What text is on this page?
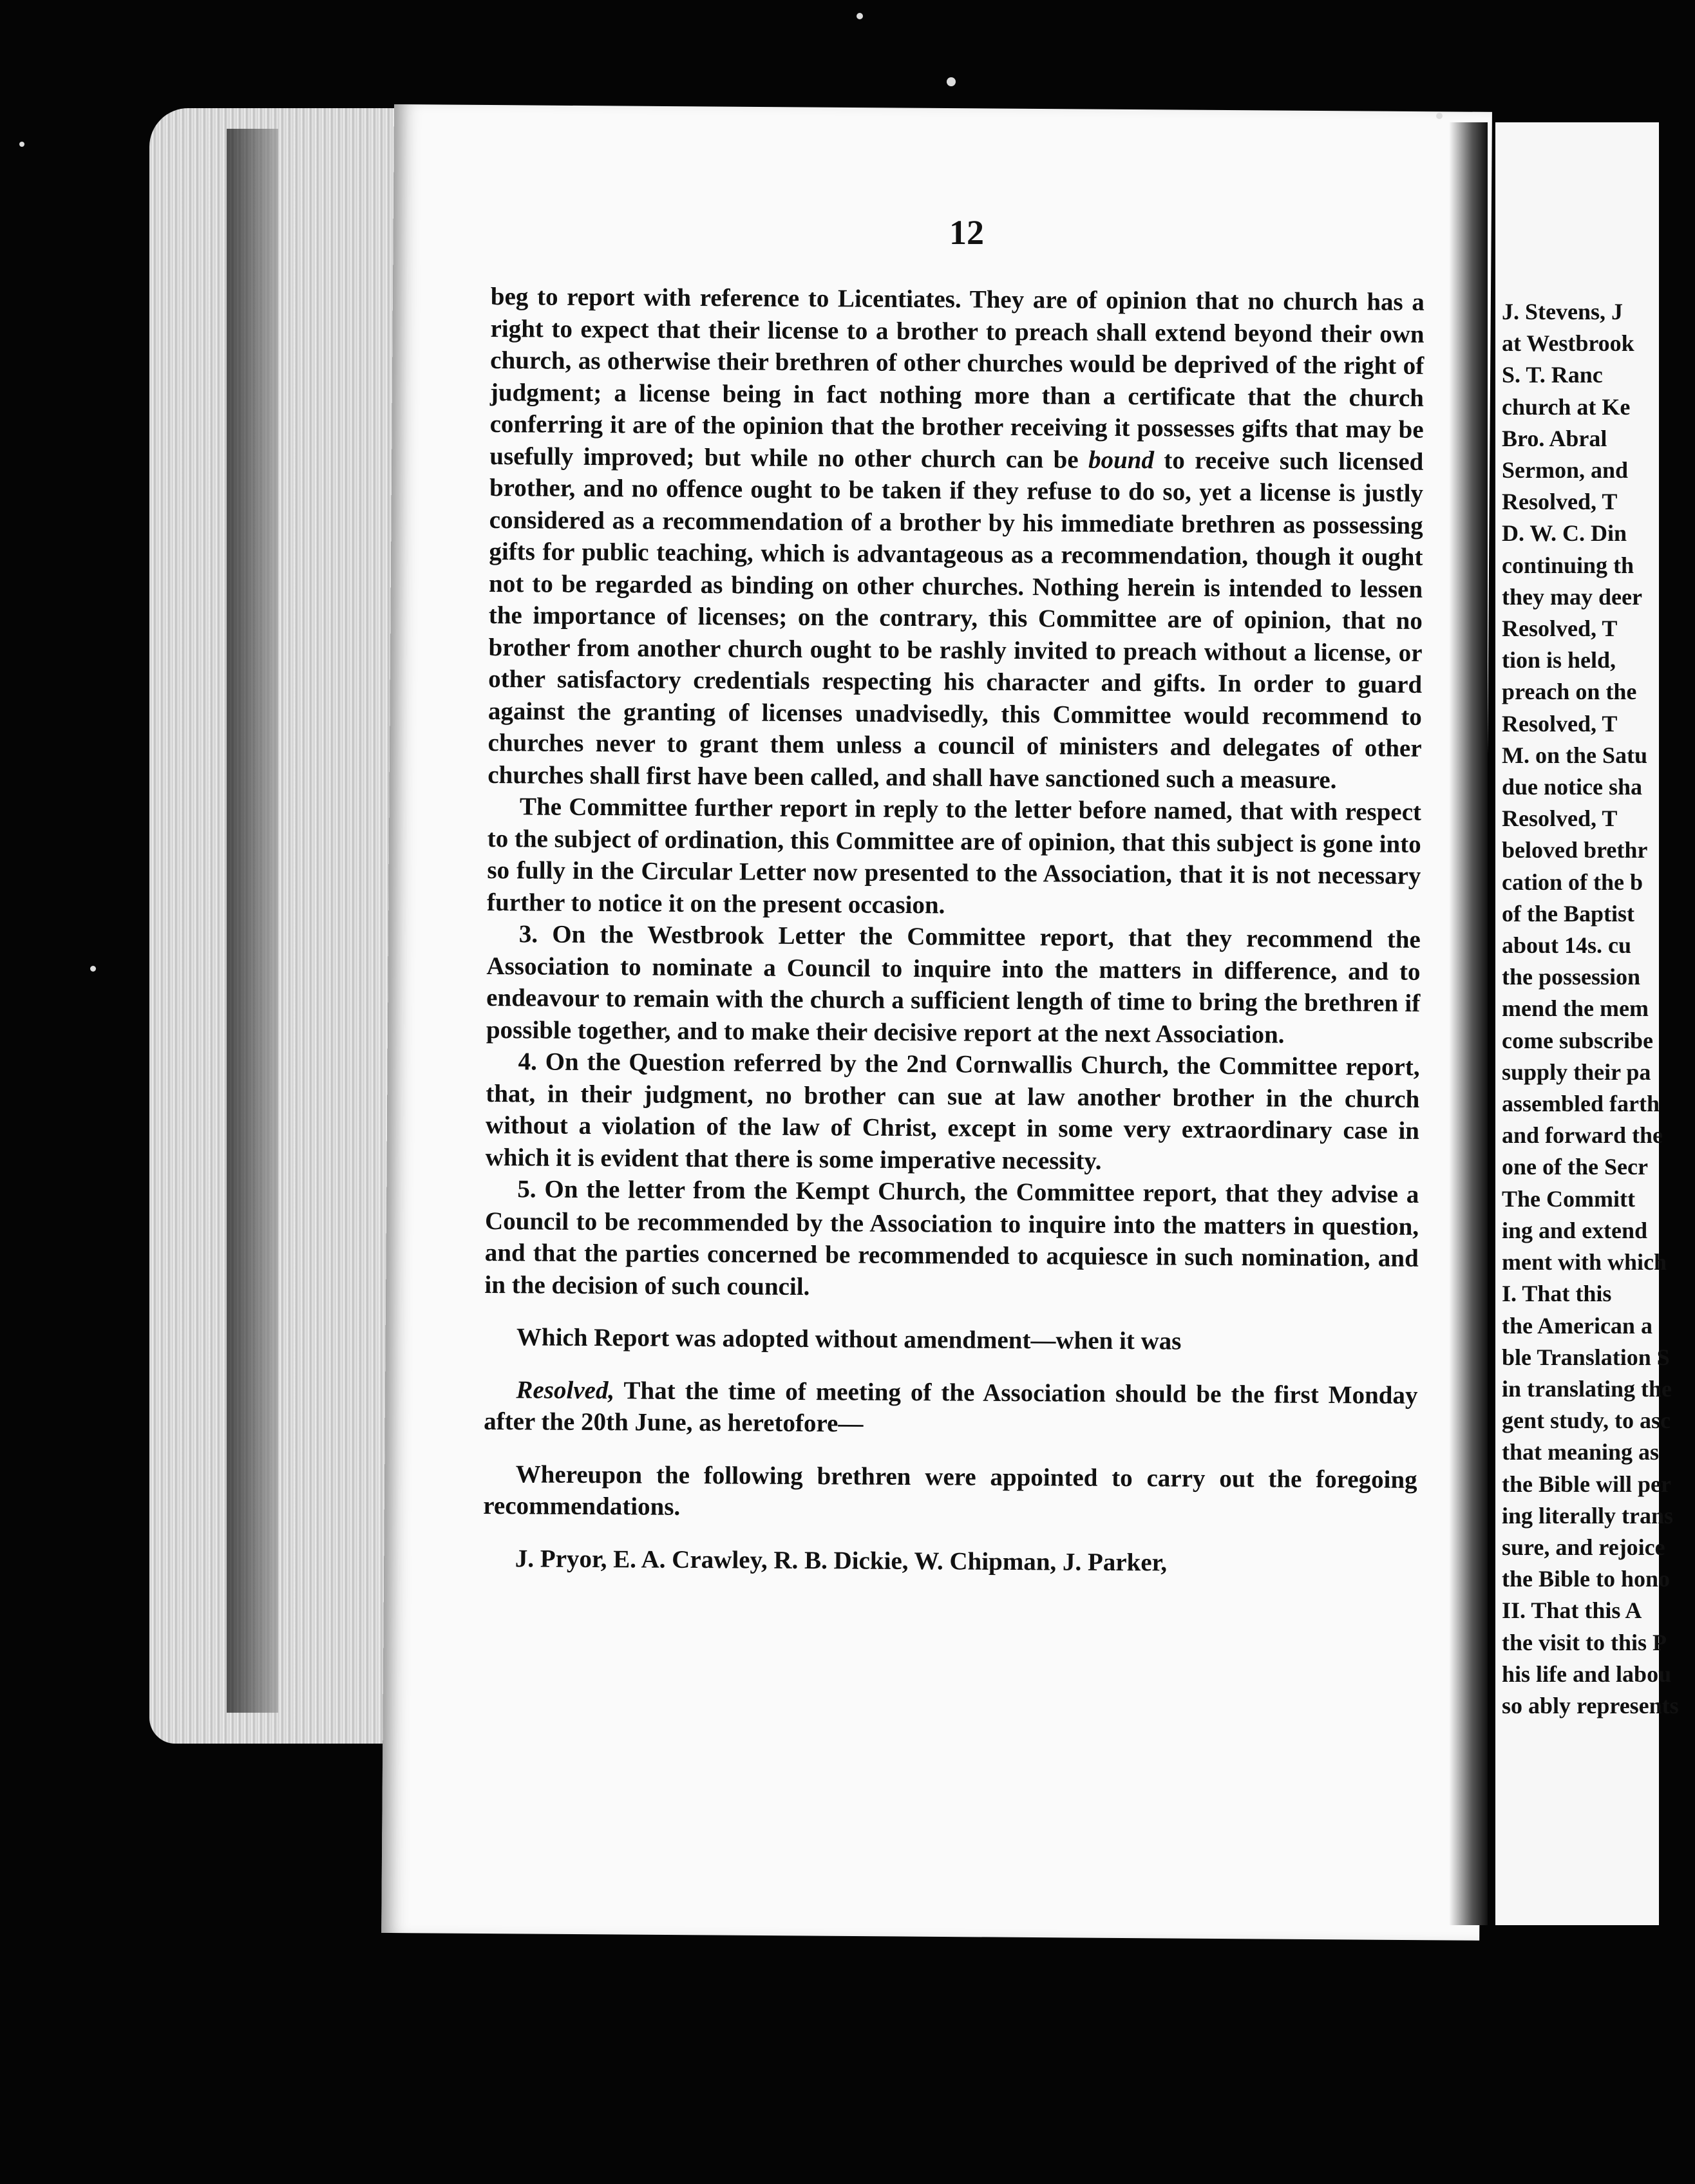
J. Stevens, J
at Westbrook
S. T. Ranc
church at Ke
Bro. Abral
Sermon, and
Resolved, T
D. W. C. Din
continuing th
they may deer
Resolved, T
tion is held,
preach on the
Resolved, T
M. on the Satu
due notice sha
Resolved, T
beloved brethr
cation of the b
of the Baptist
about 14s. cu
the possession
mend the mem
come subscribe
supply their pa
assembled farth
and forward the
one of the Secr
The Committ
ing and extend
ment with which
I. That this
the American a
ble Translation S
in translating the
gent study, to asc
that meaning as
the Bible will per
ing literally trans
sure, and rejoice
the Bible to hono
II. That this A
the visit to this P
his life and labou
so ably represents
12

beg to report with reference to Licentiates. They are of opinion that no church has a right to expect that their license to a brother to preach shall extend beyond their own church, as otherwise their brethren of other churches would be deprived of the right of judgment; a license being in fact nothing more than a certificate that the church conferring it are of the opinion that the brother receiving it possesses gifts that may be usefully improved; but while no other church can be bound to receive such licensed brother, and no offence ought to be taken if they refuse to do so, yet a license is justly considered as a recommendation of a brother by his immediate brethren as possessing gifts for public teaching, which is advantageous as a recommendation, though it ought not to be regarded as binding on other churches. Nothing herein is intended to lessen the importance of licenses; on the contrary, this Committee are of opinion, that no brother from another church ought to be rashly invited to preach without a license, or other satisfactory credentials respecting his character and gifts. In order to guard against the granting of licenses unadvisedly, this Committee would recommend to churches never to grant them unless a council of ministers and delegates of other churches shall first have been called, and shall have sanctioned such a measure.

The Committee further report in reply to the letter before named, that with respect to the subject of ordination, this Committee are of opinion, that this subject is gone into so fully in the Circular Letter now presented to the Association, that it is not necessary further to notice it on the present occasion.

3. On the Westbrook Letter the Committee report, that they recommend the Association to nominate a Council to inquire into the matters in difference, and to endeavour to remain with the church a sufficient length of time to bring the brethren if possible together, and to make their decisive report at the next Association.

4. On the Question referred by the 2nd Cornwallis Church, the Committee report, that, in their judgment, no brother can sue at law another brother in the church without a violation of the law of Christ, except in some very extraordinary case in which it is evident that there is some imperative necessity.

5. On the letter from the Kempt Church, the Committee report, that they advise a Council to be recommended by the Association to inquire into the matters in question, and that the parties concerned be recommended to acquiesce in such nomination, and in the decision of such council.

Which Report was adopted without amendment—when it was

Resolved, That the time of meeting of the Association should be the first Monday after the 20th June, as heretofore—

Whereupon the following brethren were appointed to carry out the foregoing recommendations.

J. Pryor, E. A. Crawley, R. B. Dickie, W. Chipman, J. Parker,
